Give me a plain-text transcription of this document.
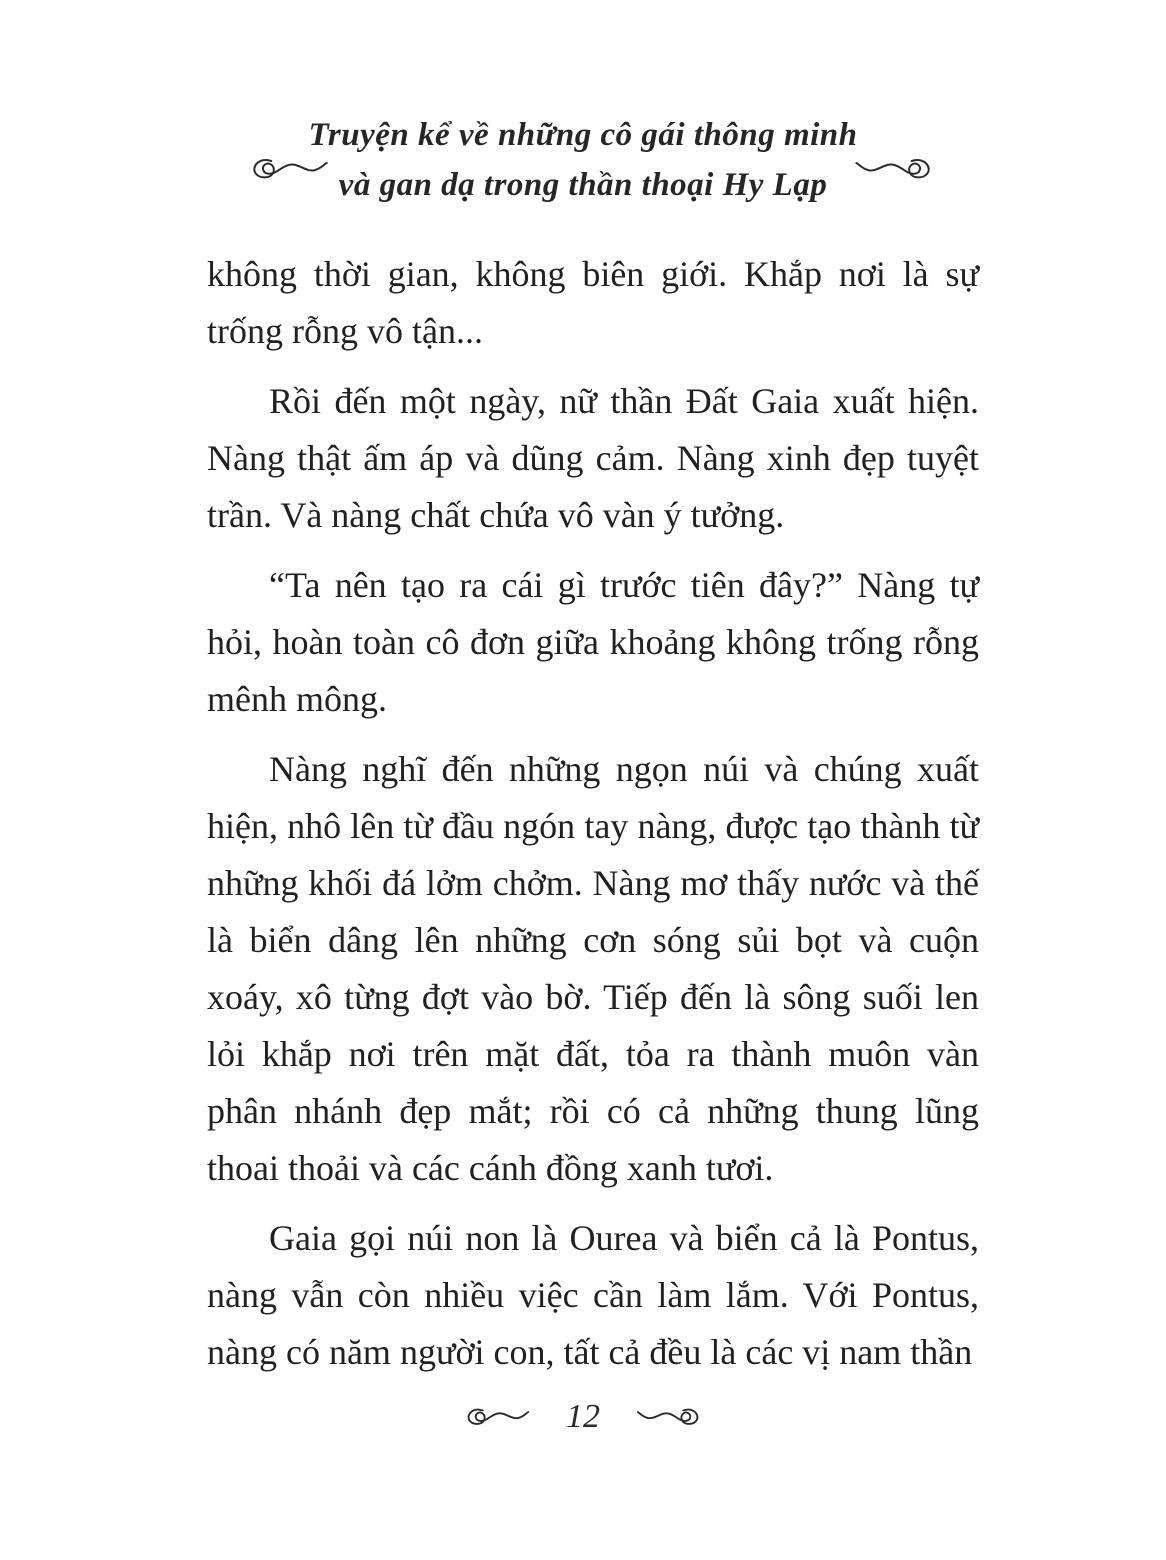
Truyện kể về những cô gái thông minh
và gan dạ trong thần thoại Hy Lạp

không thời gian, không biên giới. Khắp nơi là sự trống rỗng vô tận...

Rồi đến một ngày, nữ thần Đất Gaia xuất hiện. Nàng thật ấm áp và dũng cảm. Nàng xinh đẹp tuyệt trần. Và nàng chất chứa vô vàn ý tưởng.

“Ta nên tạo ra cái gì trước tiên đây?” Nàng tự hỏi, hoàn toàn cô đơn giữa khoảng không trống rỗng mênh mông.

Nàng nghĩ đến những ngọn núi và chúng xuất hiện, nhô lên từ đầu ngón tay nàng, được tạo thành từ những khối đá lởm chởm. Nàng mơ thấy nước và thế là biển dâng lên những cơn sóng sủi bọt và cuộn xoáy, xô từng đợt vào bờ. Tiếp đến là sông suối len lỏi khắp nơi trên mặt đất, tỏa ra thành muôn vàn phân nhánh đẹp mắt; rồi có cả những thung lũng thoai thoải và các cánh đồng xanh tươi.

Gaia gọi núi non là Ourea và biển cả là Pontus, nàng vẫn còn nhiều việc cần làm lắm. Với Pontus, nàng có năm người con, tất cả đều là các vị nam thần

12
